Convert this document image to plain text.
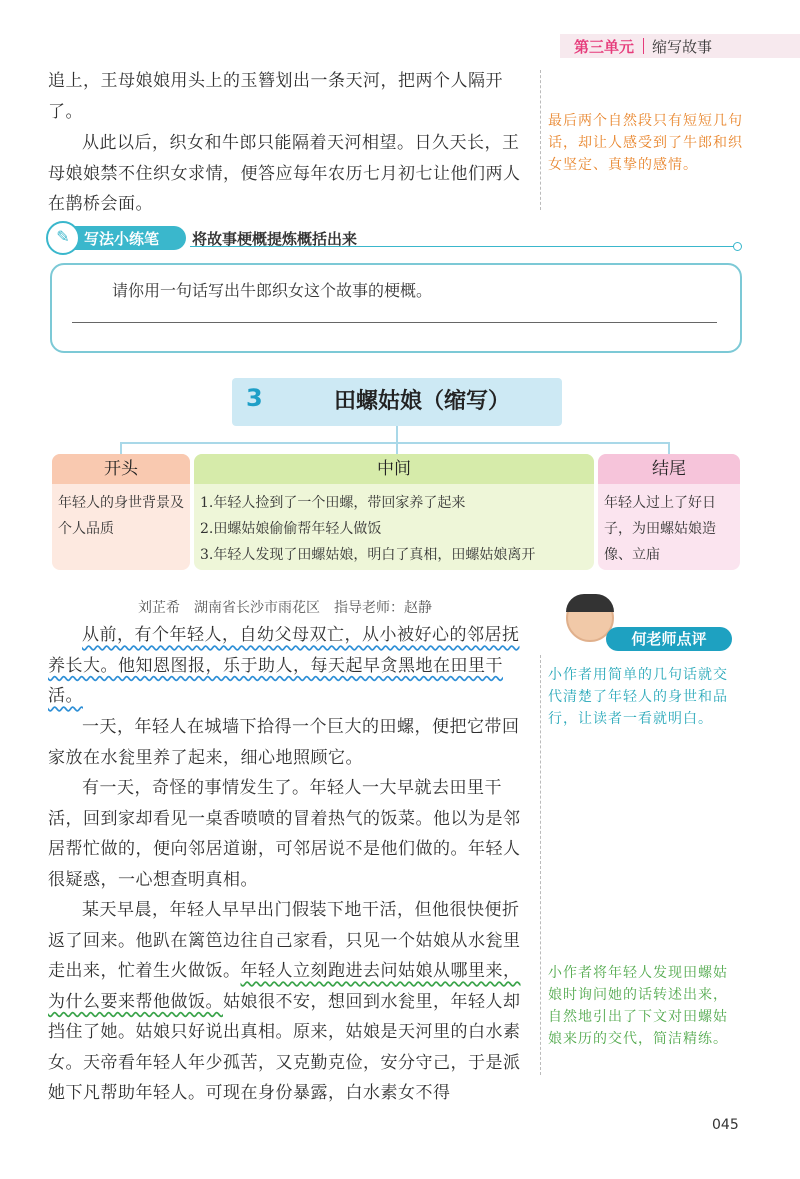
第三单元 缩写故事

追上，王母娘娘用头上的玉簪划出一条天河，把两个人隔开了。

从此以后，织女和牛郎只能隔着天河相望。日久天长，王母娘娘禁不住织女求情，便答应每年农历七月初七让他们两人在鹊桥会面。

最后两个自然段只有短短几句话，却让人感受到了牛郎和织女坚定、真挚的感情。
✎ 写法小练笔 将故事梗概提炼概括出来
请你用一句话写出牛郎织女这个故事的梗概。
3	田螺姑娘（缩写）
开头
年轻人的身世背景及个人品质
中间
1.年轻人捡到了一个田螺，带回家养了起来
2.田螺姑娘偷偷帮年轻人做饭
3.年轻人发现了田螺姑娘，明白了真相，田螺姑娘离开
结尾
年轻人过上了好日子，为田螺姑娘造像、立庙
刘芷希　湖南省长沙市雨花区　指导老师：赵静
何老师点评

从前，有个年轻人，自幼父母双亡，从小被好心的邻居抚养长大。他知恩图报，乐于助人，每天起早贪黑地在田里干活。

一天，年轻人在城墙下拾得一个巨大的田螺，便把它带回家放在水瓮里养了起来，细心地照顾它。

有一天，奇怪的事情发生了。年轻人一大早就去田里干活，回到家却看见一桌香喷喷的冒着热气的饭菜。他以为是邻居帮忙做的，便向邻居道谢，可邻居说不是他们做的。年轻人很疑惑，一心想查明真相。

某天早晨，年轻人早早出门假装下地干活，但他很快便折返了回来。他趴在篱笆边往自己家看，只见一个姑娘从水瓮里走出来，忙着生火做饭。年轻人立刻跑进去问姑娘从哪里来，为什么要来帮他做饭。姑娘很不安，想回到水瓮里，年轻人却挡住了她。姑娘只好说出真相。原来，姑娘是天河里的白水素女。天帝看年轻人年少孤苦，又克勤克俭，安分守己，于是派她下凡帮助年轻人。可现在身份暴露，白水素女不得

小作者用简单的几句话就交代清楚了年轻人的身世和品行，让读者一看就明白。
小作者将年轻人发现田螺姑娘时询问她的话转述出来，自然地引出了下文对田螺姑娘来历的交代，简洁精练。
045
